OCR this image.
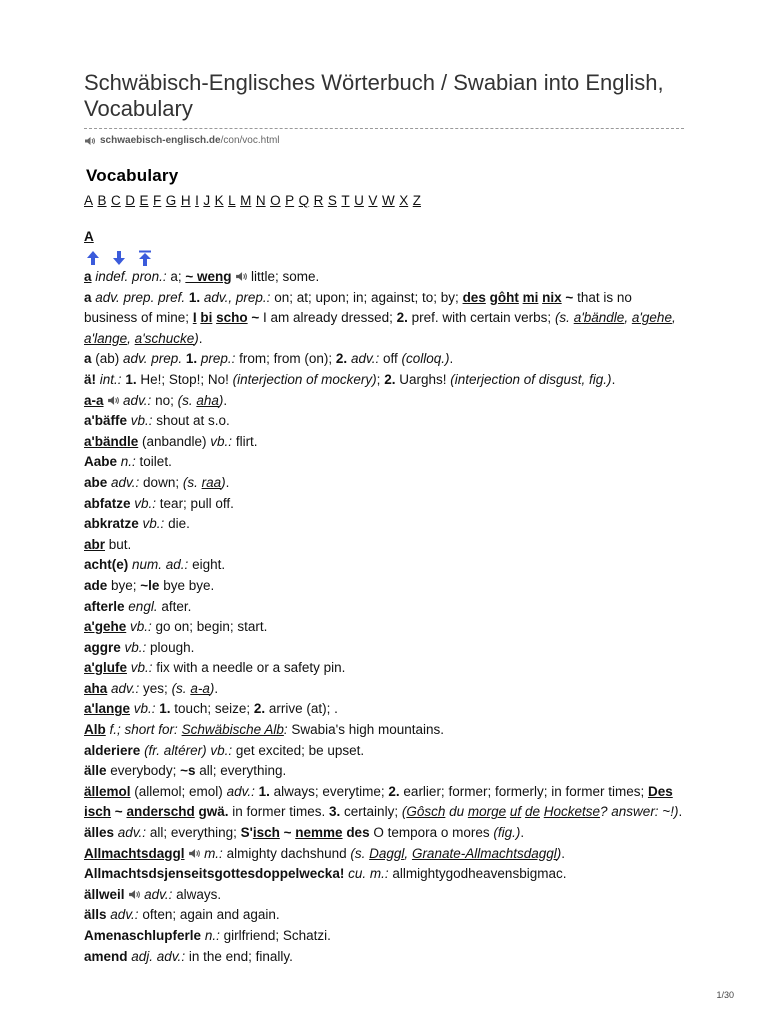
Schwäbisch-Englisches Wörterbuch / Swabian into English, Vocabulary
schwaebisch-englisch.de/con/voc.html
Vocabulary
A B C D E F G H I J K L M N O P Q R S T U V W X Z
A

a indef. pron.: a; ~ weng  little; some.

a adv. prep. pref. 1. adv., prep.: on; at; upon; in; against; to; by; des gôht mi nix ~ that is no business of mine; I bi scho ~ I am already dressed; 2. pref. with certain verbs; (s. a'bändle, a'gehe, a'lange, a'schucke).

a (ab) adv. prep. 1. prep.: from; from (on); 2. adv.: off (colloq.).

ä! int.: 1. He!; Stop!; No! (interjection of mockery); 2. Uarghs! (interjection of disgust, fig.).

a-a adv.: no; (s. aha).

a'bäffe vb.: shout at s.o.

a'bändle (anbandle) vb.: flirt.

Aabe n.: toilet.

abe adv.: down; (s. raa).

abfatze vb.: tear; pull off.

abkratze vb.: die.

abr but.

acht(e) num. ad.: eight.

ade bye; ~le bye bye.

afterle engl. after.

a'gehe vb.: go on; begin; start.

aggre vb.: plough.

a'glufe vb.: fix with a needle or a safety pin.

aha adv.: yes; (s. a-a).

a'lange vb.: 1. touch; seize; 2. arrive (at); .

Alb f.; short for: Schwäbische Alb: Swabia's high mountains.

alderiere (fr. altérer) vb.: get excited; be upset.

älle everybody; ~s all; everything.

ällemol (allemol; emol) adv.: 1. always; everytime; 2. earlier; former; formerly; in former times; Des isch ~ anderschd gwä. in former times. 3. certainly; (Gôsch du morge uf de Hocketse? answer: ~!).

älles adv.: all; everything; S'isch ~ nemme des O tempora o mores (fig.).

Allmachtsdaggl m.: almighty dachshund (s. Daggl, Granate-Allmachtsdaggl).

Allmachtsdsjenseitsgottesdoppelwecka! cu. m.: allmightygodheavensbigmac.

ällweil adv.: always.

älls adv.: often; again and again.

Amenaschlupferle n.: girlfriend; Schatzi.

amend adj. adv.: in the end; finally.

1/30
